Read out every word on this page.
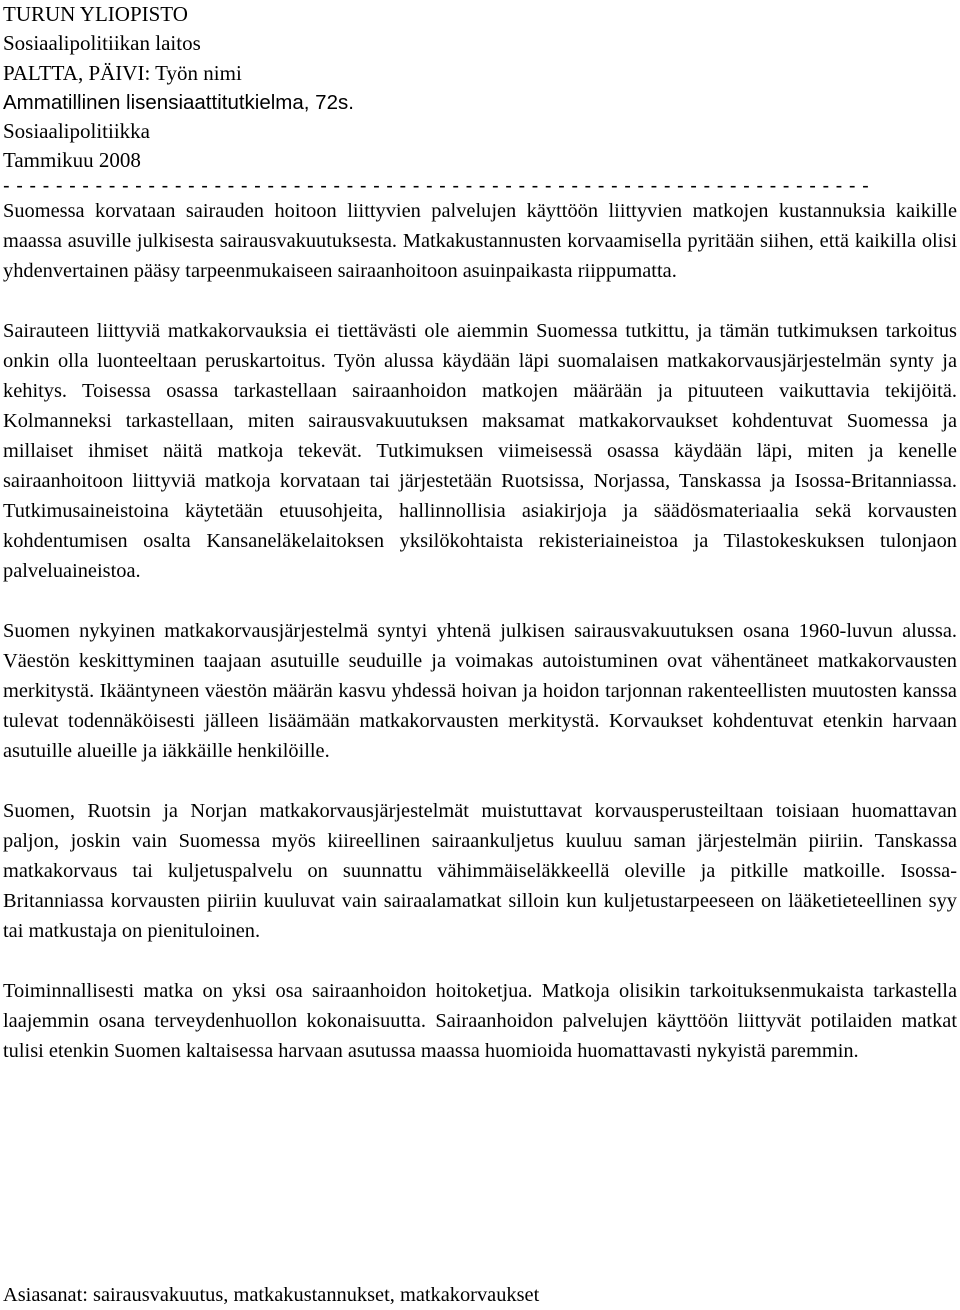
TURUN YLIOPISTO
Sosiaalipolitiikan laitos
PALTTA, PÄIVI: Työn nimi
Ammatillinen lisensiaattitutkielma, 72s.
Sosiaalipolitiikka
Tammikuu 2008
- - - - - - - - - - - - - - - - - - - - - - - - - - - - - - - - - - - - - - - - - - - - - - - - - - - - - - - - - - - - - - - - - -

Suomessa korvataan sairauden hoitoon liittyvien palvelujen käyttöön liittyvien matkojen kustannuksia kaikille maassa asuville julkisesta sairausvakuutuksesta. Matkakustannusten korvaamisella pyritään siihen, että kaikilla olisi yhdenvertainen pääsy tarpeenmukaiseen sairaanhoitoon asuinpaikasta riippumatta.

Sairauteen liittyviä matkakorvauksia ei tiettävästi ole aiemmin Suomessa tutkittu, ja tämän tutkimuksen tarkoitus onkin olla luonteeltaan peruskartoitus. Työn alussa käydään läpi suomalaisen matkakorvausjärjestelmän synty ja kehitys. Toisessa osassa tarkastellaan sairaanhoidon matkojen määrään ja pituuteen vaikuttavia tekijöitä. Kolmanneksi tarkastellaan, miten sairausvakuutuksen maksamat matkakorvaukset kohdentuvat Suomessa ja millaiset ihmiset näitä matkoja tekevät. Tutkimuksen viimeisessä osassa käydään läpi, miten ja kenelle sairaanhoitoon liittyviä matkoja korvataan tai järjestetään Ruotsissa, Norjassa, Tanskassa ja Isossa-Britanniassa. Tutkimusaineistoina käytetään etuusohjeita, hallinnollisia asiakirjoja ja säädösmateriaalia sekä korvausten kohdentumisen osalta Kansaneläkelaitoksen yksilökohtaista rekisteriaineistoa ja Tilastokeskuksen tulonjaon palveluaineistoa.

Suomen nykyinen matkakorvausjärjestelmä syntyi yhtenä julkisen sairausvakuutuksen osana 1960-luvun alussa. Väestön keskittyminen taajaan asutuille seuduille ja voimakas autoistuminen ovat vähentäneet matkakorvausten merkitystä. Ikääntyneen väestön määrän kasvu yhdessä hoivan ja hoidon tarjonnan rakenteellisten muutosten kanssa tulevat todennäköisesti jälleen lisäämään matkakorvausten merkitystä. Korvaukset kohdentuvat etenkin harvaan asutuille alueille ja iäkkäille henkilöille.

Suomen, Ruotsin ja Norjan matkakorvausjärjestelmät muistuttavat korvausperusteiltaan toisiaan huomattavan paljon, joskin vain Suomessa myös kiireellinen sairaankuljetus kuuluu saman järjestelmän piiriin. Tanskassa matkakorvaus tai kuljetuspalvelu on suunnattu vähimmäiseläkkeellä oleville ja pitkille matkoille. Isossa-Britanniassa korvausten piiriin kuuluvat vain sairaalamatkat silloin kun kuljetustarpeeseen on lääketieteellinen syy tai matkustaja on pienituloinen.

Toiminnallisesti matka on yksi osa sairaanhoidon hoitoketjua. Matkoja olisikin tarkoituksenmukaista tarkastella laajemmin osana terveydenhuollon kokonaisuutta. Sairaanhoidon palvelujen käyttöön liittyvät potilaiden matkat tulisi etenkin Suomen kaltaisessa harvaan asutussa maassa huomioida huomattavasti nykyistä paremmin.

Asiasanat: sairausvakuutus, matkakustannukset, matkakorvaukset
